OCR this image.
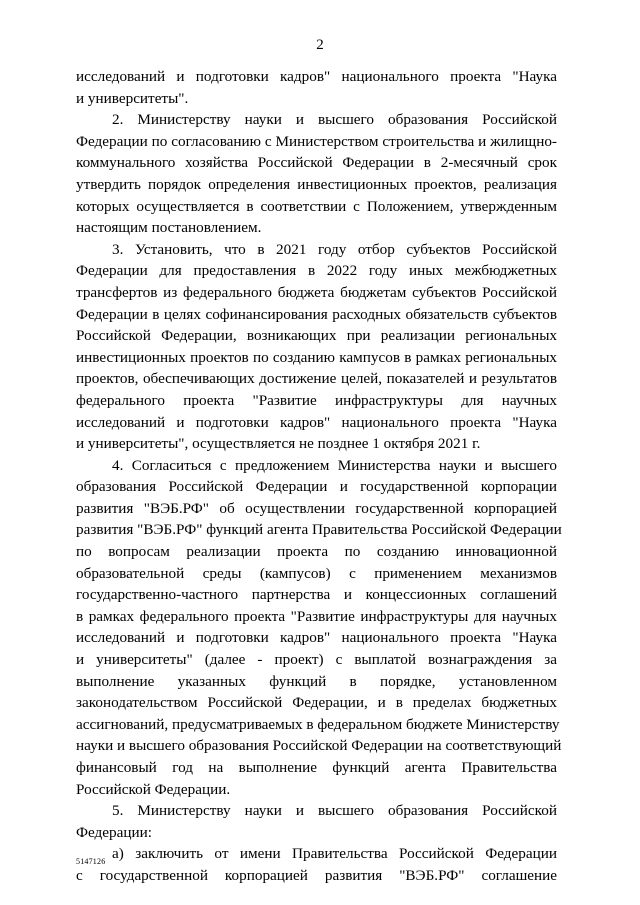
2
исследований и подготовки кадров" национального проекта "Наука
и университеты".
2. Министерству науки и высшего образования Российской
Федерации по согласованию с Министерством строительства и жилищно-
коммунального хозяйства Российской Федерации в 2-месячный срок
утвердить порядок определения инвестиционных проектов, реализация
которых осуществляется в соответствии с Положением, утвержденным
настоящим постановлением.
3. Установить, что в 2021 году отбор субъектов Российской
Федерации для предоставления в 2022 году иных межбюджетных
трансфертов из федерального бюджета бюджетам субъектов Российской
Федерации в целях софинансирования расходных обязательств субъектов
Российской Федерации, возникающих при реализации региональных
инвестиционных проектов по созданию кампусов в рамках региональных
проектов, обеспечивающих достижение целей, показателей и результатов
федерального проекта "Развитие инфраструктуры для научных
исследований и подготовки кадров" национального проекта "Наука
и университеты", осуществляется не позднее 1 октября 2021 г.
4. Согласиться с предложением Министерства науки и высшего
образования Российской Федерации и государственной корпорации
развития "ВЭБ.РФ" об осуществлении государственной корпорацией
развития "ВЭБ.РФ" функций агента Правительства Российской Федерации
по вопросам реализации проекта по созданию инновационной
образовательной среды (кампусов) с применением механизмов
государственно-частного партнерства и концессионных соглашений
в рамках федерального проекта "Развитие инфраструктуры для научных
исследований и подготовки кадров" национального проекта "Наука
и университеты" (далее - проект) с выплатой вознаграждения за
выполнение указанных функций в порядке, установленном
законодательством Российской Федерации, и в пределах бюджетных
ассигнований, предусматриваемых в федеральном бюджете Министерству
науки и высшего образования Российской Федерации на соответствующий
финансовый год на выполнение функций агента Правительства
Российской Федерации.
5. Министерству науки и высшего образования Российской
Федерации:
а) заключить от имени Правительства Российской Федерации
с государственной корпорацией развития "ВЭБ.РФ" соглашение
5147126
